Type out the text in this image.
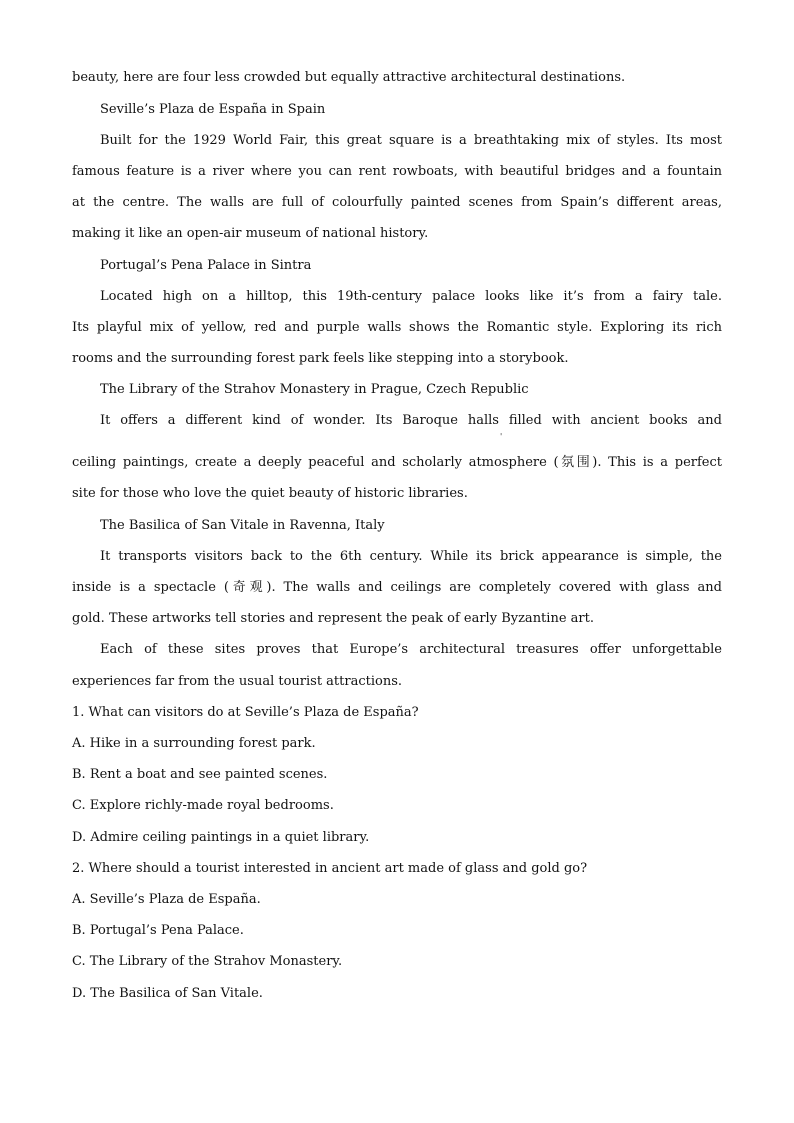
beauty, here are four less crowded but equally attractive architectural destinations.
Seville’s Plaza de España in Spain
Built for the 1929 World Fair, this great square is a breathtaking mix of styles. Its most
famous feature is a river where you can rent rowboats, with beautiful bridges and a fountain
at the centre. The walls are full of colourfully painted scenes from Spain’s different areas,
making it like an open-air museum of national history.
Portugal’s Pena Palace in Sintra
Located high on a hilltop, this 19th-century palace looks like it’s from a fairy tale.
Its playful mix of yellow, red and purple walls shows the Romantic style. Exploring its rich
rooms and the surrounding forest park feels like stepping into a storybook.
The Library of the Strahov Monastery in Prague, Czech Republic
It offers a different kind of wonder. Its Baroque halls filled with ancient books and
'
ceiling paintings, create a deeply peaceful and scholarly atmosphere (氛围). This is a perfect
site for those who love the quiet beauty of historic libraries.
The Basilica of San Vitale in Ravenna, Italy
It transports visitors back to the 6th century. While its brick appearance is simple, the
inside is a spectacle (奇观). The walls and ceilings are completely covered with glass and
gold. These artworks tell stories and represent the peak of early Byzantine art.
Each of these sites proves that Europe’s architectural treasures offer unforgettable
experiences far from the usual tourist attractions.
1. What can visitors do at Seville’s Plaza de España?
A. Hike in a surrounding forest park.
B. Rent a boat and see painted scenes.
C. Explore richly-made royal bedrooms.
D. Admire ceiling paintings in a quiet library.
2. Where should a tourist interested in ancient art made of glass and gold go?
A. Seville’s Plaza de España.
B. Portugal’s Pena Palace.
C. The Library of the Strahov Monastery.
D. The Basilica of San Vitale.
